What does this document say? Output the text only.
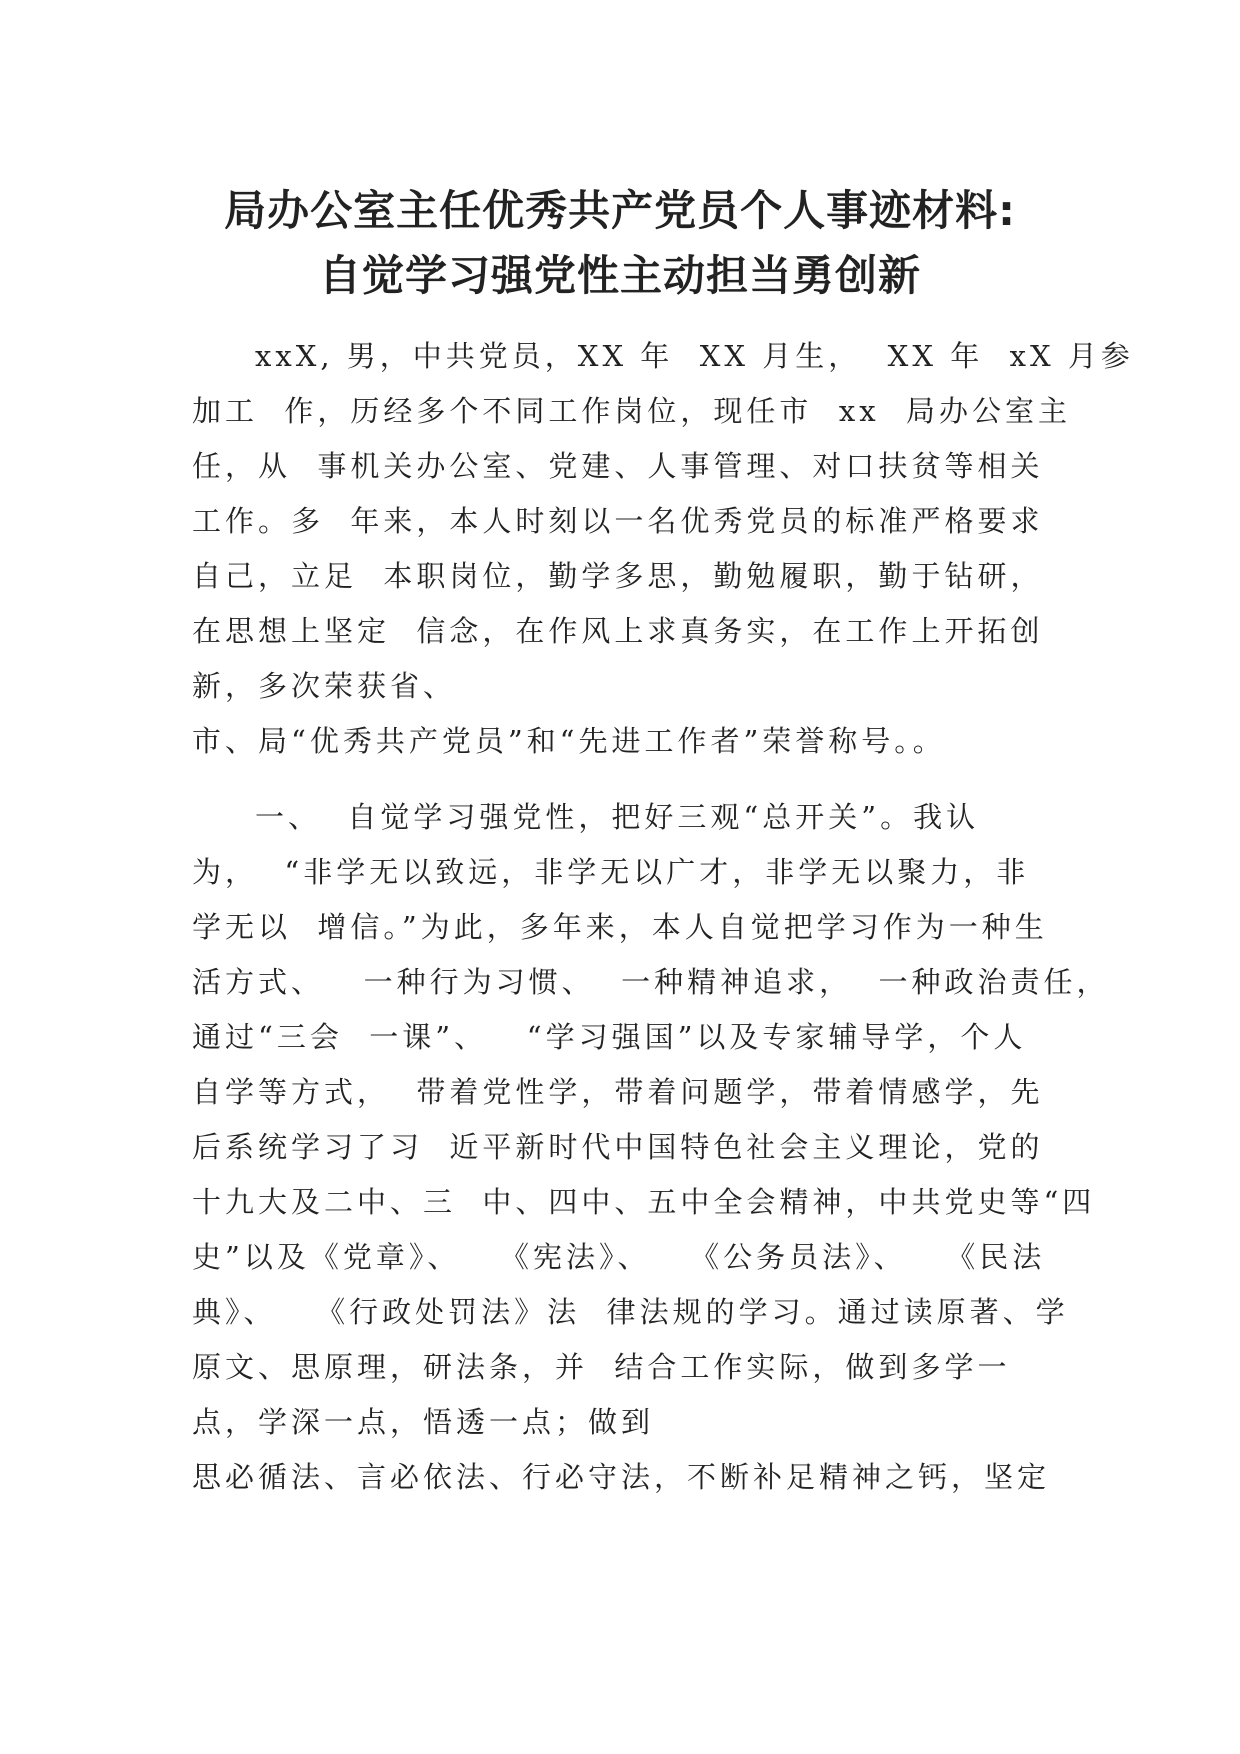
局办公室主任优秀共产党员个人事迹材料:
自觉学习强党性主动担当勇创新
xxX, 男，中共党员，XX 年  XX 月生，  XX 年  xX 月参
加工  作，历经多个不同工作岗位，现任市  xx  局办公室主
任，从  事机关办公室、党建、人事管理、对口扶贫等相关
工作。多  年来，本人时刻以一名优秀党员的标准严格要求
自己，立足  本职岗位，勤学多思，勤勉履职，勤于钻研，
在思想上坚定  信念，在作风上求真务实，在工作上开拓创
新，多次荣获省、
市、局“优秀共产党员”和“先进工作者”荣誉称号。。
一、  自觉学习强党性，把好三观“总开关”。我认
为，  “非学无以致远，非学无以广才，非学无以聚力，非
学无以  增信。”为此，多年来，本人自觉把学习作为一种生
活方式、   一种行为习惯、  一种精神追求，  一种政治责任，
通过“三会  一课”、   “学习强国”以及专家辅导学，个人
自学等方式，  带着党性学，带着问题学，带着情感学，先
后系统学习了习  近平新时代中国特色社会主义理论，党的
十九大及二中、三  中、四中、五中全会精神，中共党史等“四
史”以及《党章》、   《宪法》、   《公务员法》、   《民法
典》、   《行政处罚法》法  律法规的学习。通过读原著、学
原文、思原理，研法条，并  结合工作实际，做到多学一
点，学深一点，悟透一点；做到
思必循法、言必依法、行必守法，不断补足精神之钙，坚定
